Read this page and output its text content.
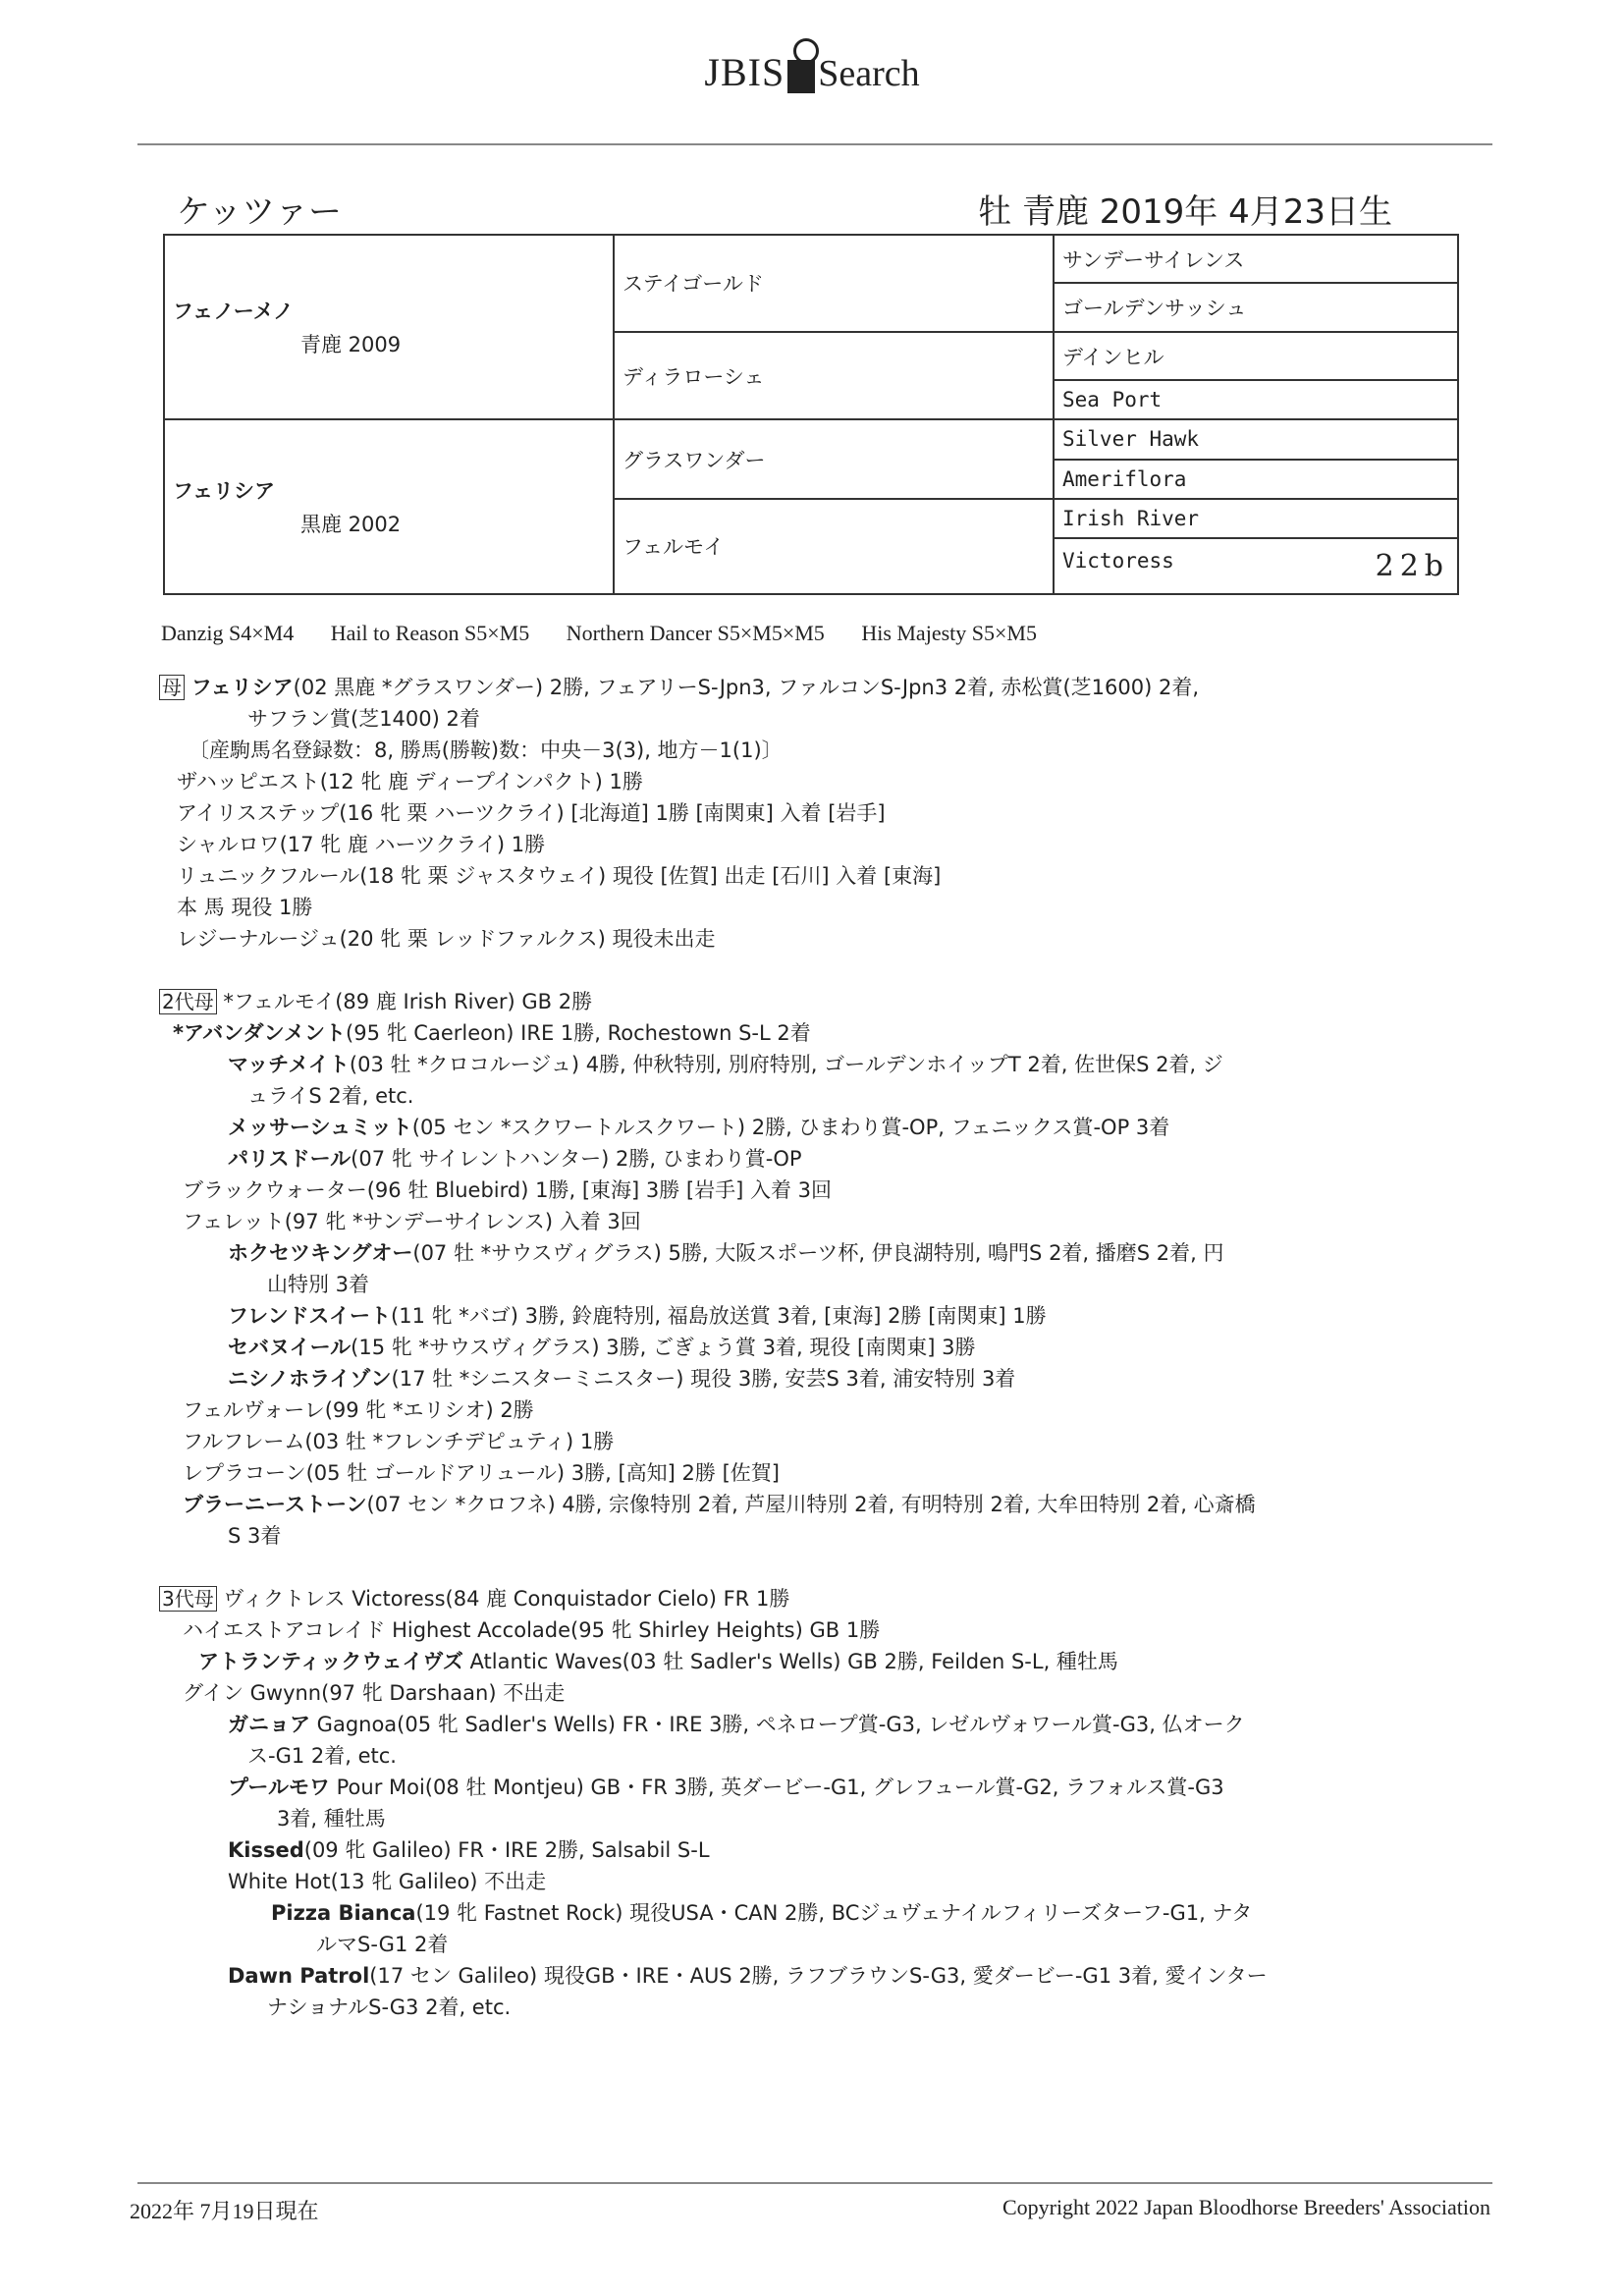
JBIS Search
ケッツァー	牡 青鹿 2019年 4月23日生
フェノーメノ
青鹿 2009	ステイゴールド	サンデーサイレンス
		ゴールデンサッシュ
	ディラローシェ	デインヒル
		Sea Port
フェリシア
黒鹿 2002	グラスワンダー	Silver Hawk
		Ameriflora
	フェルモイ	Irish River
		Victoress 22b
Danzig S4×M4 Hail to Reason S5×M5 Northern Dancer S5×M5×M5 His Majesty S5×M5
母 フェリシア(02 黒鹿 *グラスワンダー) 2勝, フェアリーS-Jpn3, ファルコンS-Jpn3 2着, 赤松賞(芝1600) 2着,
サフラン賞(芝1400) 2着
〔産駒馬名登録数：8, 勝馬(勝鞍)数：中央－3(3), 地方－1(1)〕
ザハッピエスト(12 牝 鹿 ディープインパクト) 1勝
アイリスステップ(16 牝 栗 ハーツクライ) [北海道] 1勝 [南関東] 入着 [岩手]
シャルロワ(17 牝 鹿 ハーツクライ) 1勝
リュニックフルール(18 牝 栗 ジャスタウェイ) 現役 [佐賀] 出走 [石川] 入着 [東海]
本 馬 現役 1勝
レジーナルージュ(20 牝 栗 レッドファルクス) 現役未出走
2代母 *フェルモイ(89 鹿 Irish River) GB 2勝
*アバンダンメント(95 牝 Caerleon) IRE 1勝, Rochestown S-L 2着
マッチメイト(03 牡 *クロコルージュ) 4勝, 仲秋特別, 別府特別, ゴールデンホイップT 2着, 佐世保S 2着, ジ
ュライS 2着, etc.
メッサーシュミット(05 セン *スクワートルスクワート) 2勝, ひまわり賞-OP, フェニックス賞-OP 3着
パリスドール(07 牝 サイレントハンター) 2勝, ひまわり賞-OP
ブラックウォーター(96 牡 Bluebird) 1勝, [東海] 3勝 [岩手] 入着 3回
フェレット(97 牝 *サンデーサイレンス) 入着 3回
ホクセツキングオー(07 牡 *サウスヴィグラス) 5勝, 大阪スポーツ杯, 伊良湖特別, 鳴門S 2着, 播磨S 2着, 円
山特別 3着
フレンドスイート(11 牝 *バゴ) 3勝, 鈴鹿特別, 福島放送賞 3着, [東海] 2勝 [南関東] 1勝
セバヌイール(15 牝 *サウスヴィグラス) 3勝, ごぎょう賞 3着, 現役 [南関東] 3勝
ニシノホライゾン(17 牡 *シニスターミニスター) 現役 3勝, 安芸S 3着, 浦安特別 3着
フェルヴォーレ(99 牝 *エリシオ) 2勝
フルフレーム(03 牡 *フレンチデピュティ) 1勝
レプラコーン(05 牡 ゴールドアリュール) 3勝, [高知] 2勝 [佐賀]
ブラーニーストーン(07 セン *クロフネ) 4勝, 宗像特別 2着, 芦屋川特別 2着, 有明特別 2着, 大牟田特別 2着, 心斎橋
S 3着
3代母 ヴィクトレス Victoress(84 鹿 Conquistador Cielo) FR 1勝
ハイエストアコレイド Highest Accolade(95 牝 Shirley Heights) GB 1勝
アトランティックウェイヴズ Atlantic Waves(03 牡 Sadler's Wells) GB 2勝, Feilden S-L, 種牡馬
グイン Gwynn(97 牝 Darshaan) 不出走
ガニョア Gagnoa(05 牝 Sadler's Wells) FR・IRE 3勝, ペネロープ賞-G3, レゼルヴォワール賞-G3, 仏オーク
ス-G1 2着, etc.
プールモワ Pour Moi(08 牡 Montjeu) GB・FR 3勝, 英ダービー-G1, グレフュール賞-G2, ラフォルス賞-G3
3着, 種牡馬
Kissed(09 牝 Galileo) FR・IRE 2勝, Salsabil S-L
White Hot(13 牝 Galileo) 不出走
Pizza Bianca(19 牝 Fastnet Rock) 現役USA・CAN 2勝, BCジュヴェナイルフィリーズターフ-G1, ナタ
ルマS-G1 2着
Dawn Patrol(17 セン Galileo) 現役GB・IRE・AUS 2勝, ラフブラウンS-G3, 愛ダービー-G1 3着, 愛インター
ナショナルS-G3 2着, etc.
2022年 7月19日現在	Copyright 2022 Japan Bloodhorse Breeders' Association
